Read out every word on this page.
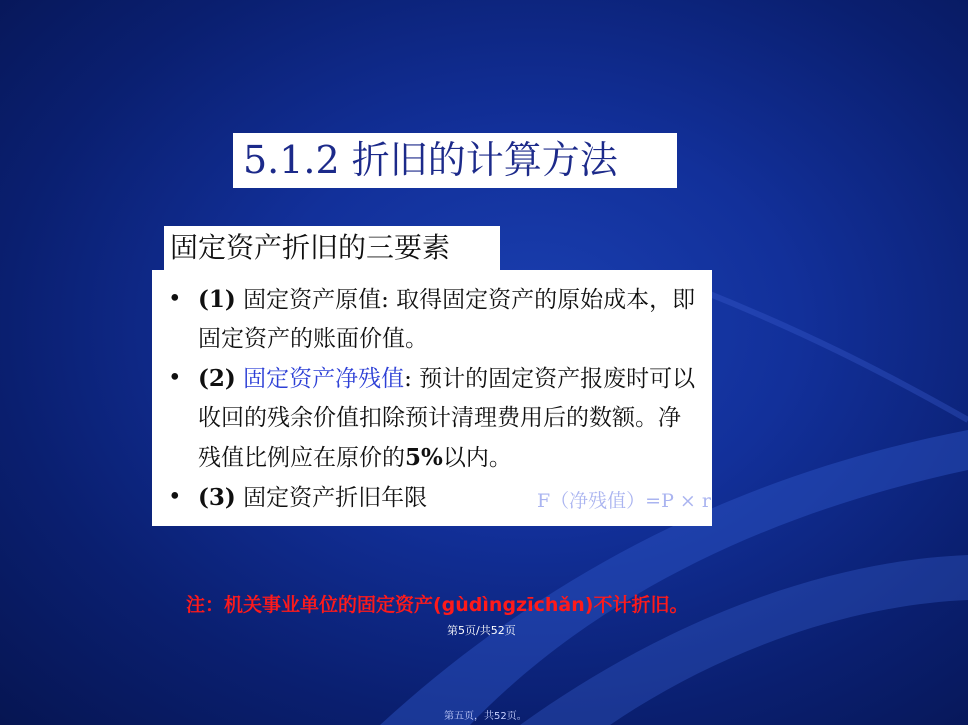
5.1.2 折旧的计算方法
固定资产折旧的三要素
• (1) 固定资产原值: 取得固定资产的原始成本，即固定资产的账面价值。
• (2) 固定资产净残值: 预计的固定资产报废时可以收回的残余价值扣除预计清理费用后的数额。净残值比例应在原价的5%以内。
• (3) 固定资产折旧年限	F（净残值）=P × r
注：机关事业单位的固定资产(gùdìngzīchǎn)不计折旧。
第5页/共52页
第五页，共52页。
